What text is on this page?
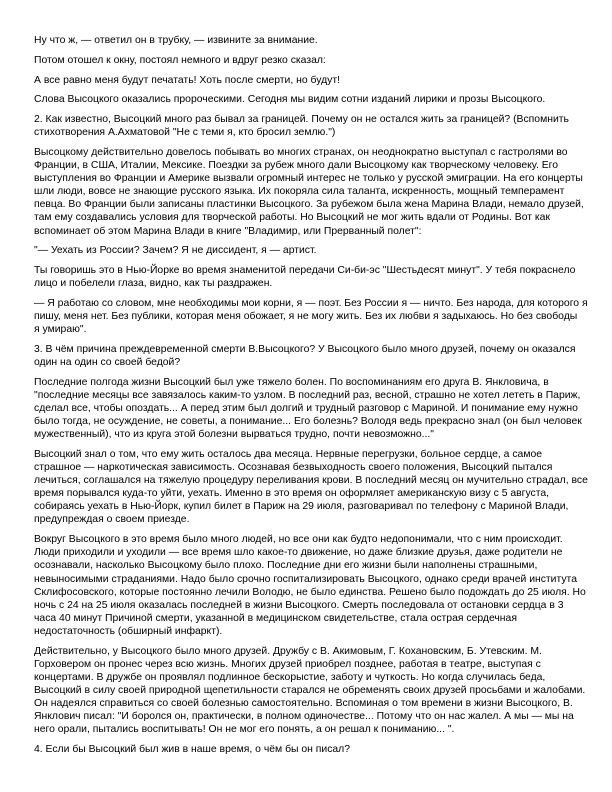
Ну что ж, — ответил он в трубку, — извините за внимание.
Потом отошел к окну, постоял немного и вдруг резко сказал:
А все равно меня будут печатать! Хоть после смерти, но будут!
Слова Высоцкого оказались пророческими. Сегодня мы видим сотни изданий лирики и прозы Высоцкого.
2. Как известно, Высоцкий много раз бывал за границей. Почему он не остался жить за границей? (Вспомнить
стихотворения А.Ахматовой "Не с теми я, кто бросил землю.")
Высоцкому действительно довелось побывать во многих странах, он неоднократно выступал с гастролями во
Франции, в США, Италии, Мексике. Поездки за рубеж много дали Высоцкому как творческому человеку. Его
выступления во Франции и Америке вызвали огромный интерес не только у русской эмиграции. На его концерты
шли люди, вовсе не знающие русского языка. Их покоряла сила таланта, искренность, мощный темперамент
певца. Во Франции были записаны пластинки Высоцкого. За рубежом была жена Марина Влади, немало друзей,
там ему создавались условия для творческой работы. Но Высоцкий не мог жить вдали от Родины. Вот как
вспоминает об этом Марина Влади в книге "Владимир, или Прерванный полет":
"— Уехать из России? Зачем? Я не диссидент, я — артист.
Ты говоришь это в Нью-Йорке во время знаменитой передачи Си-би-эс "Шестьдесят минут". У тебя покраснело
лицо и побелели глаза, видно, как ты раздражен.
— Я работаю со словом, мне необходимы мои корни, я — поэт. Без России я — ничто. Без народа, для которого я
пишу, меня нет. Без публики, которая меня обожает, я не могу жить. Без их любви я задыхаюсь. Но без свободы
я умираю".
3. В чём причина преждевременной смерти В.Высоцкого? У Высоцкого было много друзей, почему он оказался
один на один со своей бедой?
Последние полгода жизни Высоцкий был уже тяжело болен. По воспоминаниям его друга В. Янкловича, в
"последние месяцы все завязалось каким-то узлом. В последний раз, весной, страшно не хотел лететь в Париж,
сделал все, чтобы опоздать... А перед этим был долгий и трудный разговор с Мариной. И понимание ему нужно
было тогда, не осуждение, не советы, а понимание... Его болезнь? Володя ведь прекрасно знал (он был человек
мужественный), что из круга этой болезни вырваться трудно, почти невозможно..."
Высоцкий знал о том, что ему жить осталось два месяца. Нервные перегрузки, больное сердце, а самое
страшное — наркотическая зависимость. Осознавая безвыходность своего положения, Высоцкий пытался
лечиться, соглашался на тяжелую процедуру переливания крови. В последний месяц он мучительно страдал, все
время порывался куда-то уйти, уехать. Именно в это время он оформляет американскую визу с 5 августа,
собираясь уехать в Нью-Йорк, купил билет в Париж на 29 июля, разговаривал по телефону с Мариной Влади,
предупреждая о своем приезде.
Вокруг Высоцкого в это время было много людей, но все они как будто недопонимали, что с ним происходит.
Люди приходили и уходили — все время шло какое-то движение, но даже близкие друзья, даже родители не
осознавали, насколько Высоцкому было плохо. Последние дни его жизни были наполнены страшными,
невыносимыми страданиями. Надо было срочно госпитализировать Высоцкого, однако среди врачей института
Склифосовского, которые постоянно лечили Володю, не было единства. Решено было подождать до 25 июля. Но
ночь с 24 на 25 июля оказалась последней в жизни Высоцкого. Смерть последовала от остановки сердца в 3
часа 40 минут Причиной смерти, указанной в медицинском свидетельстве, стала острая сердечная
недостаточность (обширный инфаркт).
Действительно, у Высоцкого было много друзей. Дружбу с В. Акимовым, Г. Кохановским, Б. Утевским. М.
Горховером он пронес через всю жизнь. Многих друзей приобрел позднее, работая в театре, выступая с
концертами. В дружбе он проявлял подлинное бескорыстие, заботу и чуткость. Но когда случилась беда,
Высоцкий в силу своей природной щепетильности старался не обременять своих друзей просьбами и жалобами.
Он надеялся справиться со своей болезнью самостоятельно. Вспоминая о том времени в жизни Высоцкого, В.
Янклович писал: "И боролся он, практически, в полном одиночестве... Потому что он нас жалел. А мы — мы на
него орали, пытались воспитывать! Он не мог его понять, а он решал к пониманию... ".
4. Если бы Высоцкий был жив в наше время, о чём бы он писал?
